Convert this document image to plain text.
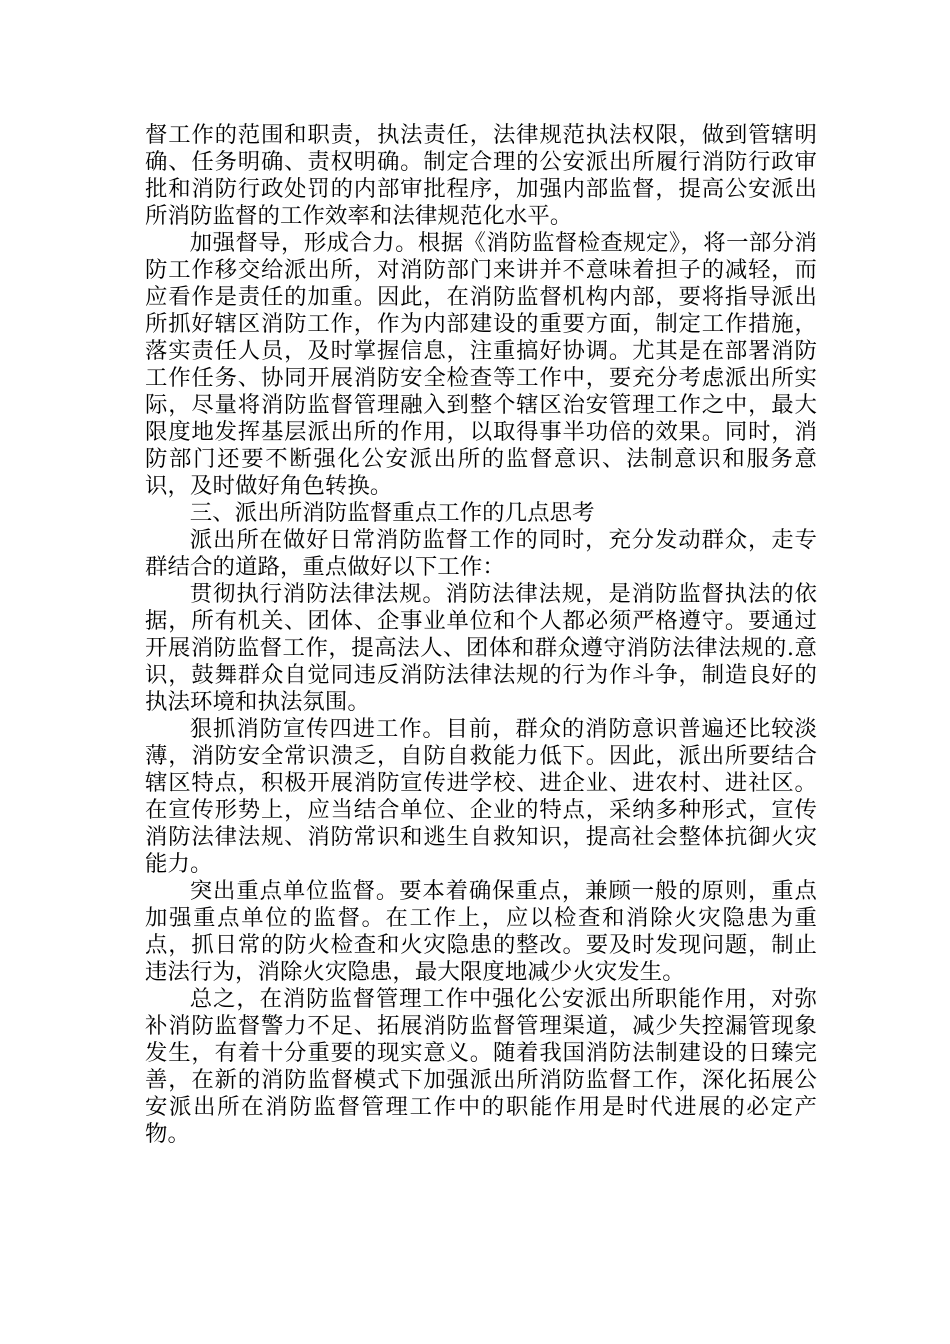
督工作的范围和职责，执法责任，法律规范执法权限，做到管辖明确、任务明确、责权明确。制定合理的公安派出所履行消防行政审批和消防行政处罚的内部审批程序，加强内部监督，提高公安派出所消防监督的工作效率和法律规范化水平。

加强督导，形成合力。根据《消防监督检查规定》，将一部分消防工作移交给派出所，对消防部门来讲并不意味着担子的减轻，而应看作是责任的加重。因此，在消防监督机构内部，要将指导派出所抓好辖区消防工作，作为内部建设的重要方面，制定工作措施，落实责任人员，及时掌握信息，注重搞好协调。尤其是在部署消防工作任务、协同开展消防安全检查等工作中，要充分考虑派出所实际，尽量将消防监督管理融入到整个辖区治安管理工作之中，最大限度地发挥基层派出所的作用，以取得事半功倍的效果。同时，消防部门还要不断强化公安派出所的监督意识、法制意识和服务意识，及时做好角色转换。

三、派出所消防监督重点工作的几点思考

派出所在做好日常消防监督工作的同时，充分发动群众，走专群结合的道路，重点做好以下工作：

贯彻执行消防法律法规。消防法律法规，是消防监督执法的依据，所有机关、团体、企事业单位和个人都必须严格遵守。要通过开展消防监督工作，提高法人、团体和群众遵守消防法律法规的.意识，鼓舞群众自觉同违反消防法律法规的行为作斗争，制造良好的执法环境和执法氛围。

狠抓消防宣传四进工作。目前，群众的消防意识普遍还比较淡薄，消防安全常识溃乏，自防自救能力低下。因此，派出所要结合辖区特点，积极开展消防宣传进学校、进企业、进农村、进社区。在宣传形势上，应当结合单位、企业的特点，采纳多种形式，宣传消防法律法规、消防常识和逃生自救知识，提高社会整体抗御火灾能力。

突出重点单位监督。要本着确保重点，兼顾一般的原则，重点加强重点单位的监督。在工作上，应以检查和消除火灾隐患为重点，抓日常的防火检查和火灾隐患的整改。要及时发现问题，制止违法行为，消除火灾隐患，最大限度地减少火灾发生。

总之，在消防监督管理工作中强化公安派出所职能作用，对弥补消防监督警力不足、拓展消防监督管理渠道，减少失控漏管现象发生，有着十分重要的现实意义。随着我国消防法制建设的日臻完善，在新的消防监督模式下加强派出所消防监督工作，深化拓展公安派出所在消防监督管理工作中的职能作用是时代进展的必定产物。
